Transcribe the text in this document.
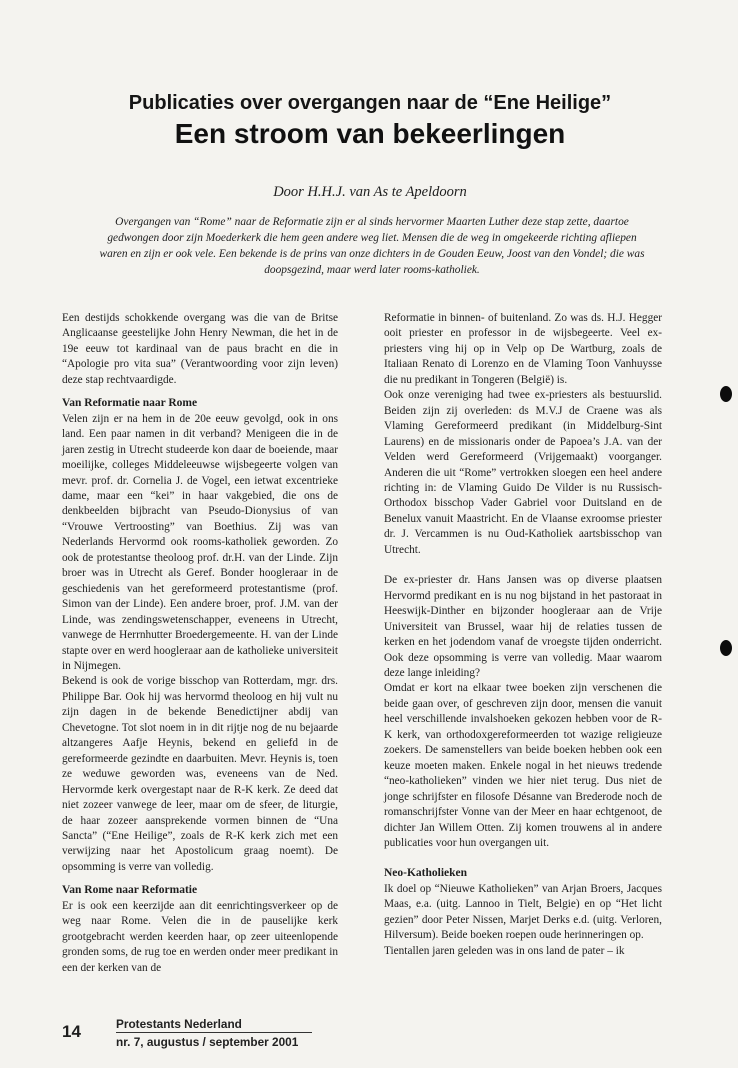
Publicaties over overgangen naar de “Ene Heilige”
Een stroom van bekeerlingen
Door H.H.J. van As te Apeldoorn
Overgangen van “Rome” naar de Reformatie zijn er al sinds hervormer Maarten Luther deze stap zette, daartoe gedwongen door zijn Moederkerk die hem geen andere weg liet. Mensen die de weg in omgekeerde richting afliepen waren en zijn er ook vele. Een bekende is de prins van onze dichters in de Gouden Eeuw, Joost van den Vondel; die was doopsgezind, maar werd later rooms-katholiek.

Een destijds schokkende overgang was die van de Britse Anglicaanse geestelijke John Henry Newman, die het in de 19e eeuw tot kardinaal van de paus bracht en die in “Apologie pro vita sua” (Verantwoording voor zijn leven) deze stap rechtvaardigde.

Van Reformatie naar Rome

Velen zijn er na hem in de 20e eeuw gevolgd, ook in ons land. Een paar namen in dit verband? Menigeen die in de jaren zestig in Utrecht studeerde kon daar de boeiende, maar moeilijke, colleges Middeleeuwse wijsbegeerte volgen van mevr. prof. dr. Cornelia J. de Vogel, een ietwat excentrieke dame, maar een “kei” in haar vakgebied, die ons de denkbeelden bijbracht van Pseudo-Dionysius of van “Vrouwe Vertroosting” van Boethius. Zij was van Nederlands Hervormd ook rooms-katholiek geworden. Zo ook de protestantse theoloog prof. dr.H. van der Linde. Zijn broer was in Utrecht als Geref. Bonder hoogleraar in de geschiedenis van het gereformeerd protestantisme (prof. Simon van der Linde). Een andere broer, prof. J.M. van der Linde, was zendingswetenschapper, eveneens in Utrecht, vanwege de Herrnhutter Broedergemeente. H. van der Linde stapte over en werd hoogleraar aan de katholieke universiteit in Nijmegen.

Bekend is ook de vorige bisschop van Rotterdam, mgr. drs. Philippe Bar. Ook hij was hervormd theoloog en hij vult nu zijn dagen in de bekende Benedictijner abdij van Chevetogne. Tot slot noem in in dit rijtje nog de nu bejaarde altzangeres Aafje Heynis, bekend en geliefd in de gereformeerde gezindte en daarbuiten. Mevr. Heynis is, toen ze weduwe geworden was, eveneens van de Ned. Hervormde kerk overgestapt naar de R-K kerk. Ze deed dat niet zozeer vanwege de leer, maar om de sfeer, de liturgie, de haar zozeer aansprekende vormen binnen de “Una Sancta” (“Ene Heilige”, zoals de R-K kerk zich met een verwijzing naar het Apostolicum graag noemt). De opsomming is verre van volledig.

Van Rome naar Reformatie

Er is ook een keerzijde aan dit eenrichtingsverkeer op de weg naar Rome. Velen die in de pauselijke kerk grootgebracht werden keerden haar, op zeer uiteenlopende gronden soms, de rug toe en werden onder meer predikant in een der kerken van de

Reformatie in binnen- of buitenland. Zo was ds. H.J. Hegger ooit priester en professor in de wijsbegeerte. Veel ex-priesters ving hij op in Velp op De Wartburg, zoals de Italiaan Renato di Lorenzo en de Vlaming Toon Vanhuysse die nu predikant in Tongeren (België) is.

Ook onze vereniging had twee ex-priesters als bestuurslid. Beiden zijn zij overleden: ds M.V.J de Craene was als Vlaming Gereformeerd predikant (in Middelburg-Sint Laurens) en de missionaris onder de Papoea’s J.A. van der Velden werd Gereformeerd (Vrijgemaakt) voorganger. Anderen die uit “Rome” vertrokken sloegen een heel andere richting in: de Vlaming Guido De Vilder is nu Russisch-Orthodox bisschop Vader Gabriel voor Duitsland en de Benelux vanuit Maastricht. En de Vlaanse exroomse priester dr. J. Vercammen is nu Oud-Katholiek aartsbisschop van Utrecht.

De ex-priester dr. Hans Jansen was op diverse plaatsen Hervormd predikant en is nu nog bijstand in het pastoraat in Heeswijk-Dinther en bijzonder hoogleraar aan de Vrije Universiteit van Brussel, waar hij de relaties tussen de kerken en het jodendom vanaf de vroegste tijden onderricht. Ook deze opsomming is verre van volledig. Maar waarom deze lange inleiding?

Omdat er kort na elkaar twee boeken zijn verschenen die beide gaan over, of geschreven zijn door, mensen die vanuit heel verschillende invalshoeken gekozen hebben voor de R-K kerk, van orthodoxgereformeerden tot wazige religieuze zoekers. De samenstellers van beide boeken hebben ook een keuze moeten maken. Enkele nogal in het nieuws tredende “neo-katholieken” vinden we hier niet terug. Dus niet de jonge schrijfster en filosofe Désanne van Brederode noch de romanschrijfster Vonne van der Meer en haar echtgenoot, de dichter Jan Willem Otten. Zij komen trouwens al in andere publicaties voor hun overgangen uit.

Neo-Katholieken

Ik doel op “Nieuwe Katholieken” van Arjan Broers, Jacques Maas, e.a. (uitg. Lannoo in Tielt, Belgie) en op “Het licht gezien” door Peter Nissen, Marjet Derks e.d. (uitg. Verloren, Hilversum). Beide boeken roepen oude herinneringen op.

Tientallen jaren geleden was in ons land de pater – ik

14	Protestants Nederland
nr. 7, augustus / september 2001
